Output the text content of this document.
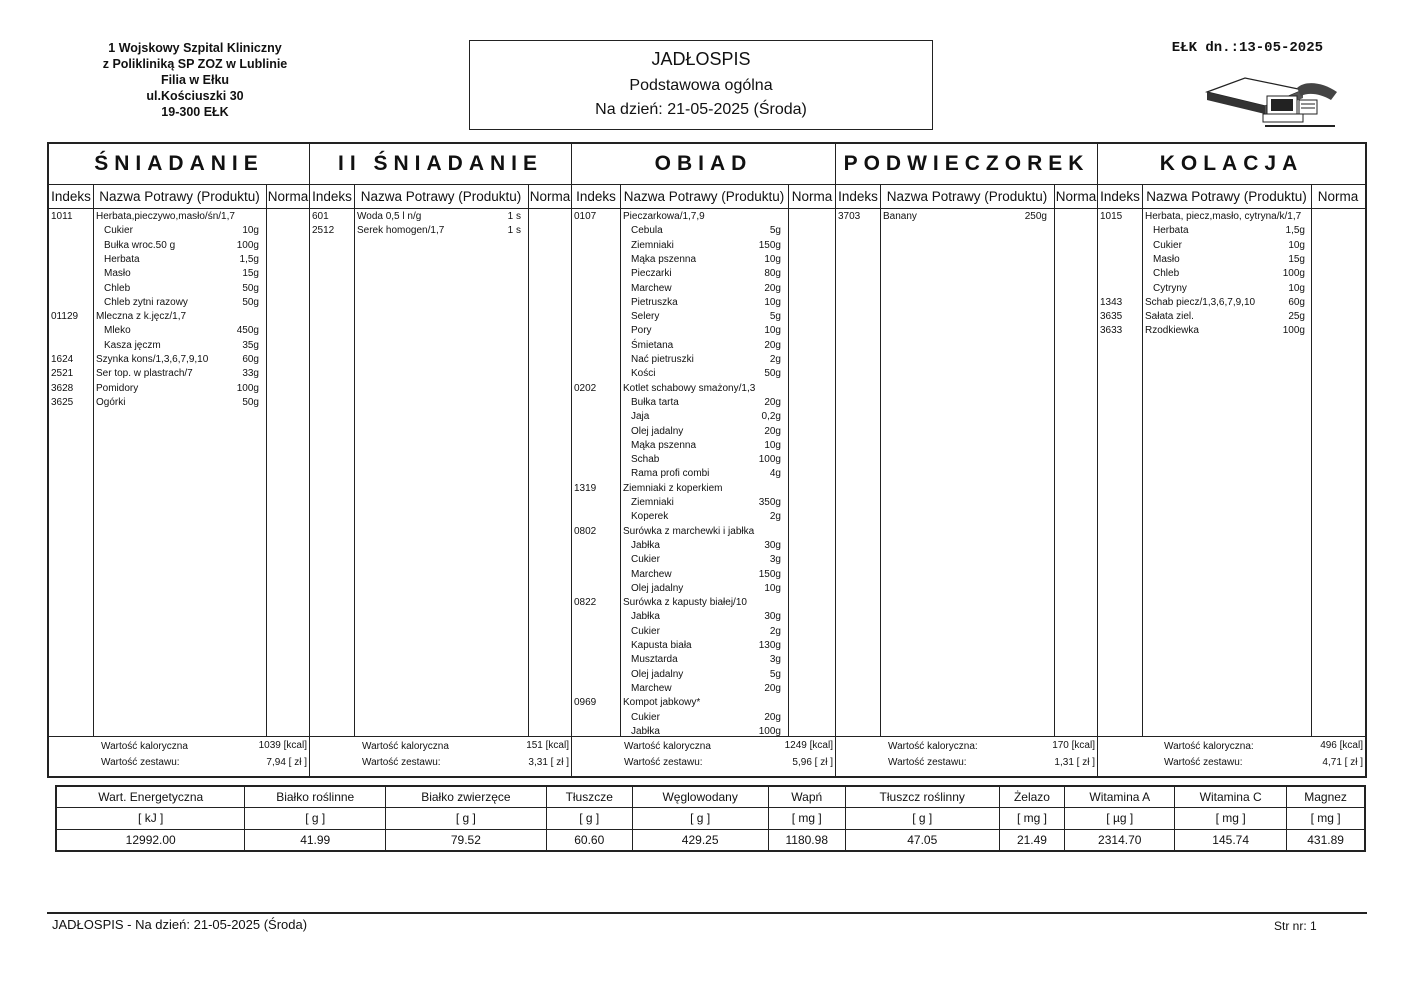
1 Wojskowy Szpital Kliniczny
z Polikliniką SP ZOZ w Lublinie
Filia w Ełku
ul.Kościuszki 30
19-300 EŁK
JADŁOSPIS
Podstawowa ogólna
Na dzień: 21-05-2025 (Środa)
EŁK dn.:13-05-2025
ŚNIADANIE
Indeks Nazwa Potrawy (Produktu) Norma
1011 Herbata,pieczywo,masło/śn/1,7
Cukier	10g
Bułka wroc.50 g	100g
Herbata	1,5g
Masło	15g
Chleb	50g
Chleb zytni razowy	50g
01129 Mleczna z k.jęcz/1,7
Mleko	450g
Kasza jęczm	35g
1624 Szynka kons/1,3,6,7,9,10	60g
2521 Ser top. w plastrach/7	33g
3628 Pomidory	100g
3625 Ogórki	50g
Wartość kaloryczna	1039 [kcal]
Wartość zestawu:	7,94 [ zł ]
II ŚNIADANIE
Indeks Nazwa Potrawy (Produktu) Norma
601	Woda 0,5 l n/g	1 s
2512 Serek homogen/1,7	1 s
Wartość kaloryczna	151 [kcal]
Wartość zestawu:	3,31 [ zł ]
OBIAD
Indeks Nazwa Potrawy (Produktu) Norma
0107	Pieczarkowa/1,7,9
Cebula	5g
Ziemniaki	150g
Mąka pszenna	10g
Pieczarki	80g
Marchew	20g
Pietruszka	10g
Selery	5g
Pory	10g
Śmietana	20g
Nać pietruszki	2g
Kości	50g
0202	Kotlet schabowy smażony/1,3
Bułka tarta	20g
Jaja	0,2g
Olej jadalny	20g
Mąka pszenna	10g
Schab	100g
Rama profi combi	4g
1319	Ziemniaki z koperkiem
Ziemniaki	350g
Koperek	2g
0802	Surówka z marchewki i jabłka
Jabłka	30g
Cukier	3g
Marchew	150g
Olej jadalny	10g
0822	Surówka z kapusty białej/10
Jabłka	30g
Cukier	2g
Kapusta biała	130g
Musztarda	3g
Olej jadalny	5g
Marchew	20g
0969	Kompot jabkowy*
Cukier	20g
Jabłka	100g
Wartość kaloryczna	1249 [kcal]
Wartość zestawu:	5,96 [ zł ]
PODWIECZOREK
Indeks Nazwa Potrawy (Produktu) Norma
3703 Banany	250g
Wartość kaloryczna:	170 [kcal]
Wartość zestawu:	1,31 [ zł ]
KOLACJA
Indeks Nazwa Potrawy (Produktu) Norma
1015 Herbata, piecz,masło, cytryna/k/1,7
Herbata	1,5g
Cukier	10g
Masło	15g
Chleb	100g
Cytryny	10g
1343 Schab piecz/1,3,6,7,9,10	60g
3635 Sałata ziel.	25g
3633 Rzodkiewka	100g
Wartość kaloryczna:	496 [kcal]
Wartość zestawu:	4,71 [ zł ]
Wart. Energetyczna	Białko roślinne	Białko zwierzęce	Tłuszcze	Węglowodany	Wapń	Tłuszcz roślinny	Żelazo	Witamina A	Witamina C	Magnez
[ kJ ]	[ g ]	[ g ]	[ g ]	[ g ]	[ mg ]	[ g ]	[ mg ]	[ µg ]	[ mg ]	[ mg ]
12992.00	41.99	79.52	60.60	429.25	1180.98	47.05	21.49	2314.70	145.74	431.89
JADŁOSPIS - Na dzień: 21-05-2025 (Środa)	Str nr: 1
